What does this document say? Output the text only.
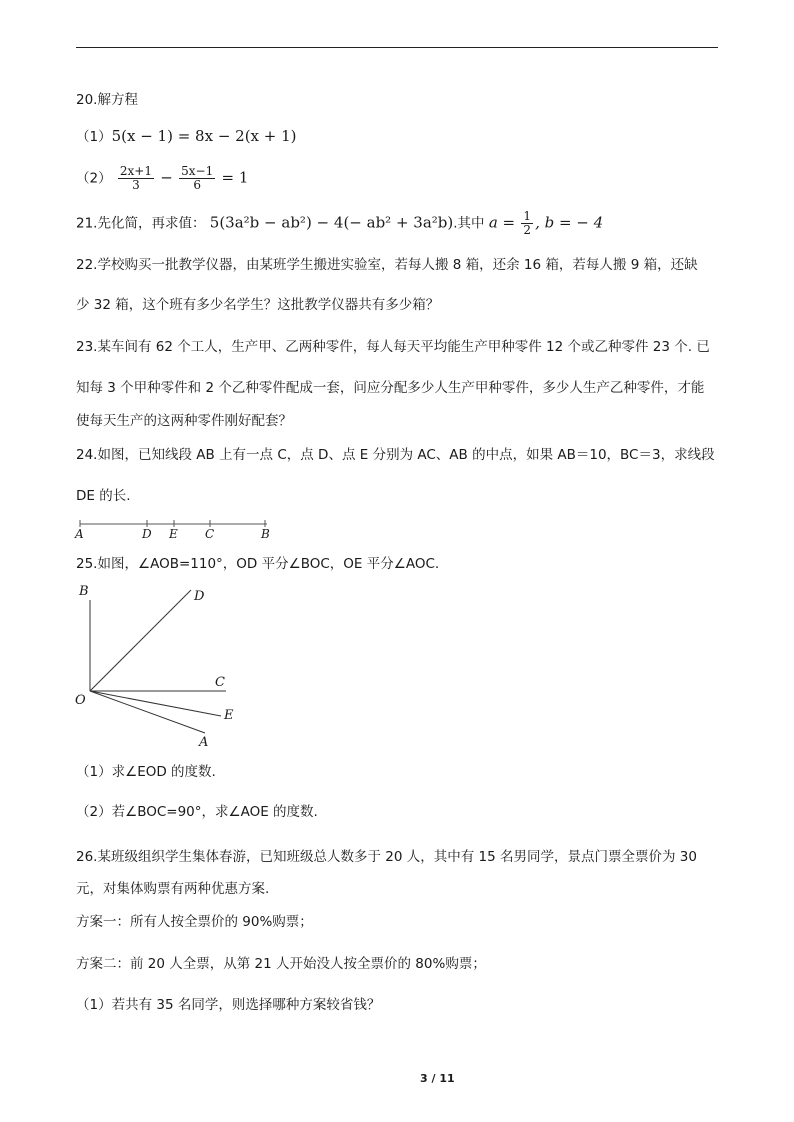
20.解方程
（1）5(x − 1) = 8x − 2(x + 1)
$(2) \frac{2x+1}{3} - \frac{5x-1}{6} = 1$
21.先化简，再求值： 5(3a²b − ab²) − 4(− ab² + 3a²b).其中 $a = \frac{1}{2}$ , b = − 4
22.学校购买一批教学仪器，由某班学生搬进实验室，若每人搬 8 箱，还余 16 箱，若每人搬 9 箱，还缺
少 32 箱，这个班有多少名学生？这批教学仪器共有多少箱？
23.某车间有 62 个工人，生产甲、乙两种零件，每人每天平均能生产甲种零件 12 个或乙种零件 23 个. 已
知每 3 个甲种零件和 2 个乙种零件配成一套，问应分配多少人生产甲种零件，多少人生产乙种零件，才能
使每天生产的这两种零件刚好配套？
24.如图，已知线段 AB 上有一点 C，点 D、点 E 分别为 AC、AB 的中点，如果 AB＝10，BC＝3，求线段
DE 的长.
A	D E C	B
25.如图，∠AOB=110°，OD 平分∠BOC，OE 平分∠AOC.
B	D
C
O
E
A
（1）求∠EOD 的度数.
（2）若∠BOC=90°，求∠AOE 的度数.
26.某班级组织学生集体春游，已知班级总人数多于 20 人，其中有 15 名男同学，景点门票全票价为 30
元，对集体购票有两种优惠方案.
方案一：所有人按全票价的 90%购票；
方案二：前 20 人全票，从第 21 人开始没人按全票价的 80%购票；
（1）若共有 35 名同学，则选择哪种方案较省钱？
3 / 11
